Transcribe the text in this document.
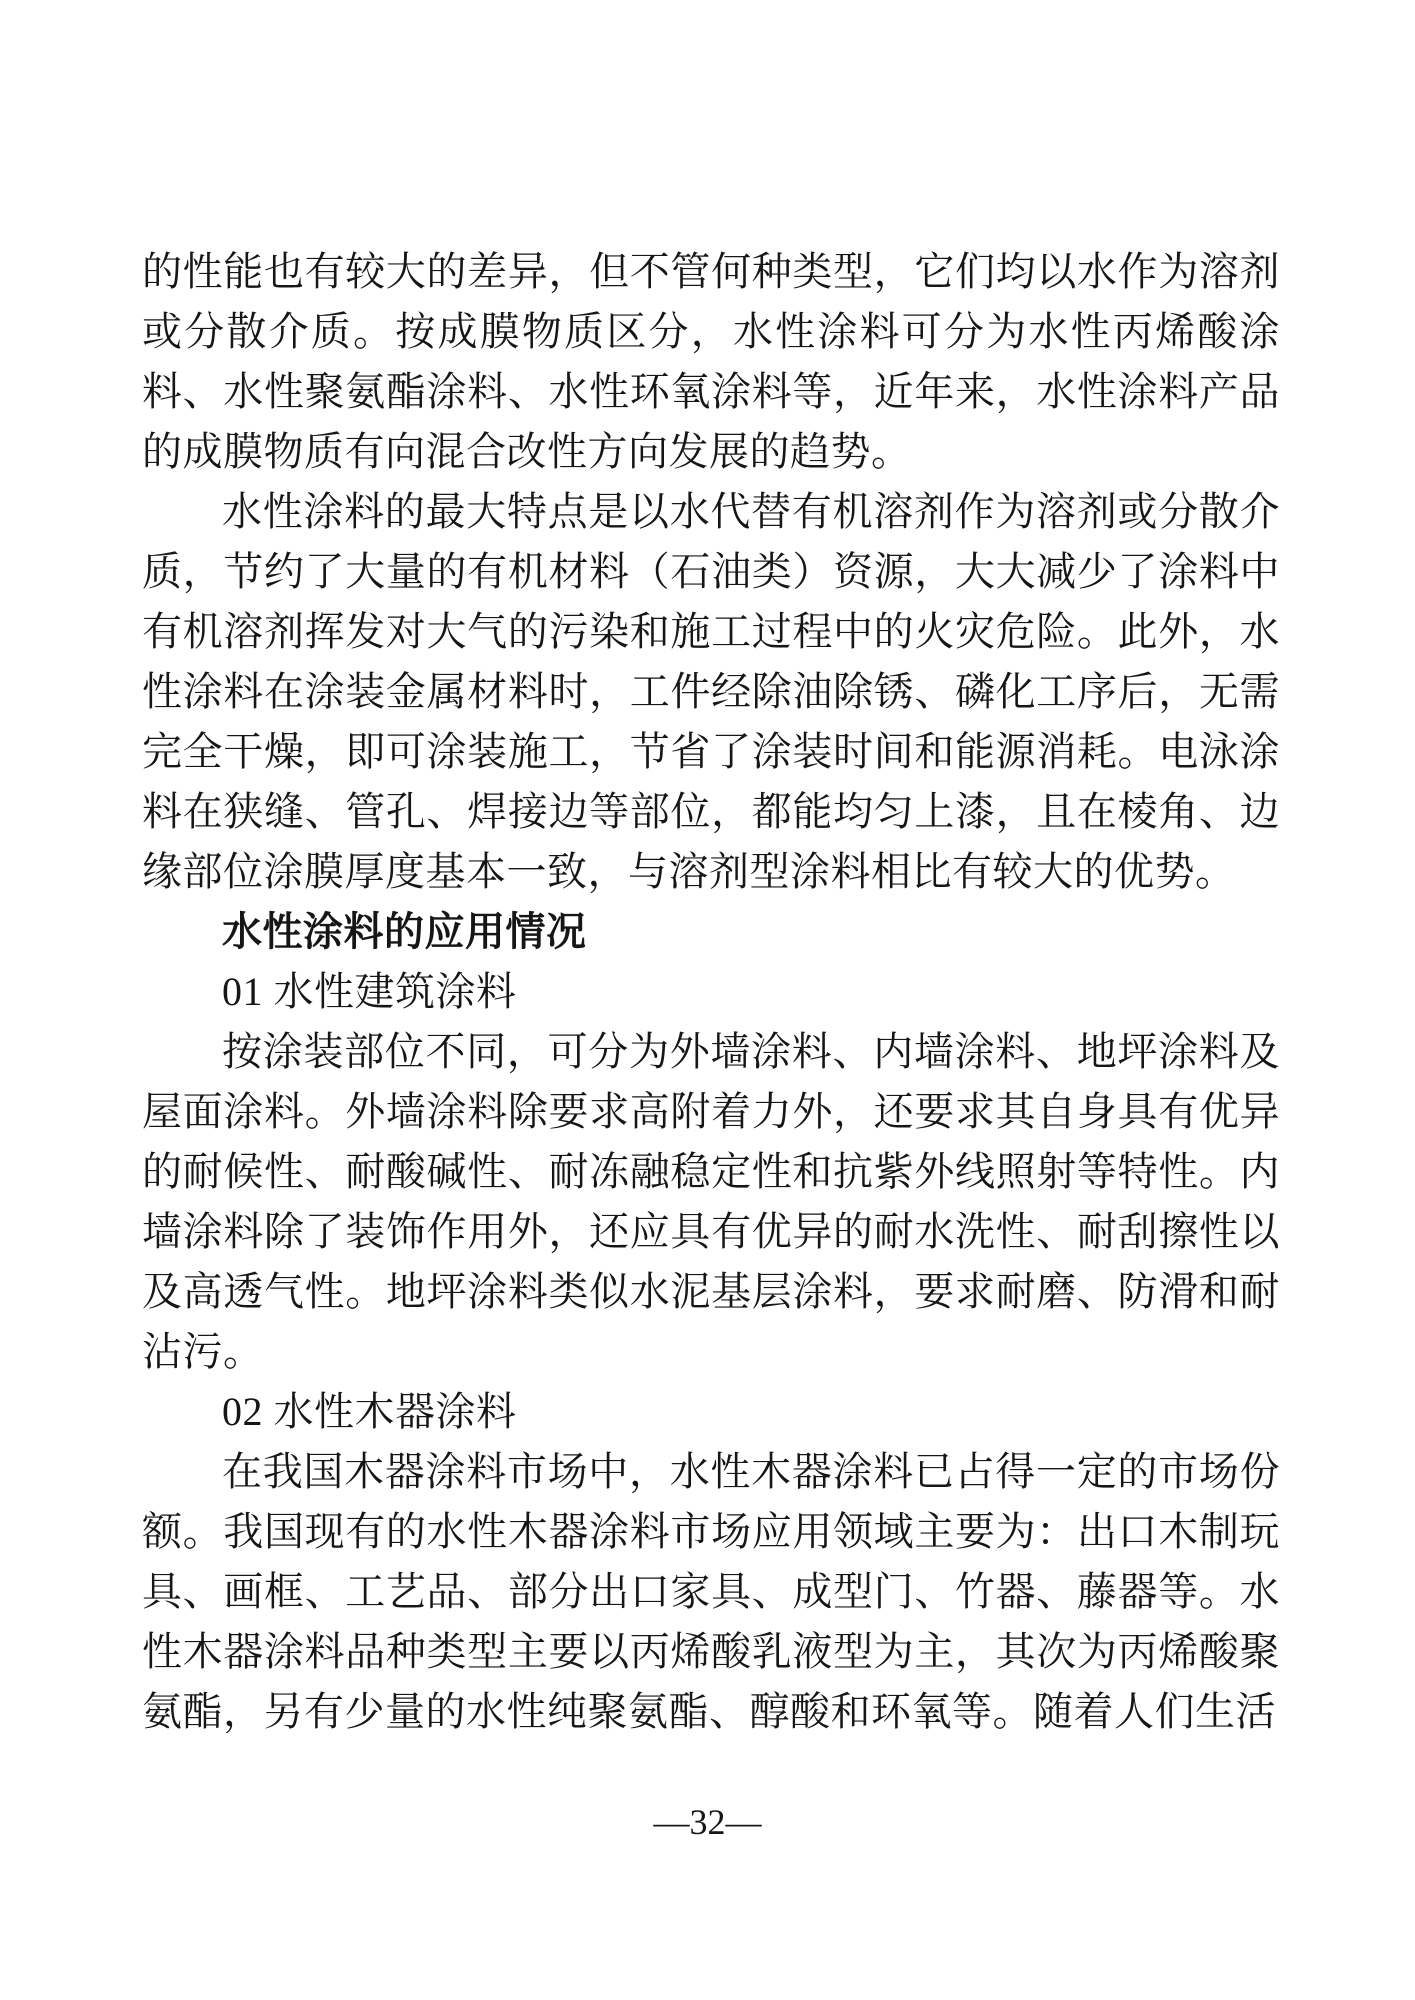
的性能也有较大的差异，但不管何种类型，它们均以水作为溶剂或分散介质。按成膜物质区分，水性涂料可分为水性丙烯酸涂料、水性聚氨酯涂料、水性环氧涂料等，近年来，水性涂料产品的成膜物质有向混合改性方向发展的趋势。

水性涂料的最大特点是以水代替有机溶剂作为溶剂或分散介质，节约了大量的有机材料（石油类）资源，大大减少了涂料中有机溶剂挥发对大气的污染和施工过程中的火灾危险。此外，水性涂料在涂装金属材料时，工件经除油除锈、磷化工序后，无需完全干燥，即可涂装施工，节省了涂装时间和能源消耗。电泳涂料在狭缝、管孔、焊接边等部位，都能均匀上漆，且在棱角、边缘部位涂膜厚度基本一致，与溶剂型涂料相比有较大的优势。

水性涂料的应用情况

01 水性建筑涂料

按涂装部位不同，可分为外墙涂料、内墙涂料、地坪涂料及屋面涂料。外墙涂料除要求高附着力外，还要求其自身具有优异的耐候性、耐酸碱性、耐冻融稳定性和抗紫外线照射等特性。内墙涂料除了装饰作用外，还应具有优异的耐水洗性、耐刮擦性以及高透气性。地坪涂料类似水泥基层涂料，要求耐磨、防滑和耐沾污。

02 水性木器涂料

在我国木器涂料市场中，水性木器涂料已占得一定的市场份额。我国现有的水性木器涂料市场应用领域主要为：出口木制玩具、画框、工艺品、部分出口家具、成型门、竹器、藤器等。水性木器涂料品种类型主要以丙烯酸乳液型为主，其次为丙烯酸聚氨酯，另有少量的水性纯聚氨酯、醇酸和环氧等。随着人们生活

—32—
